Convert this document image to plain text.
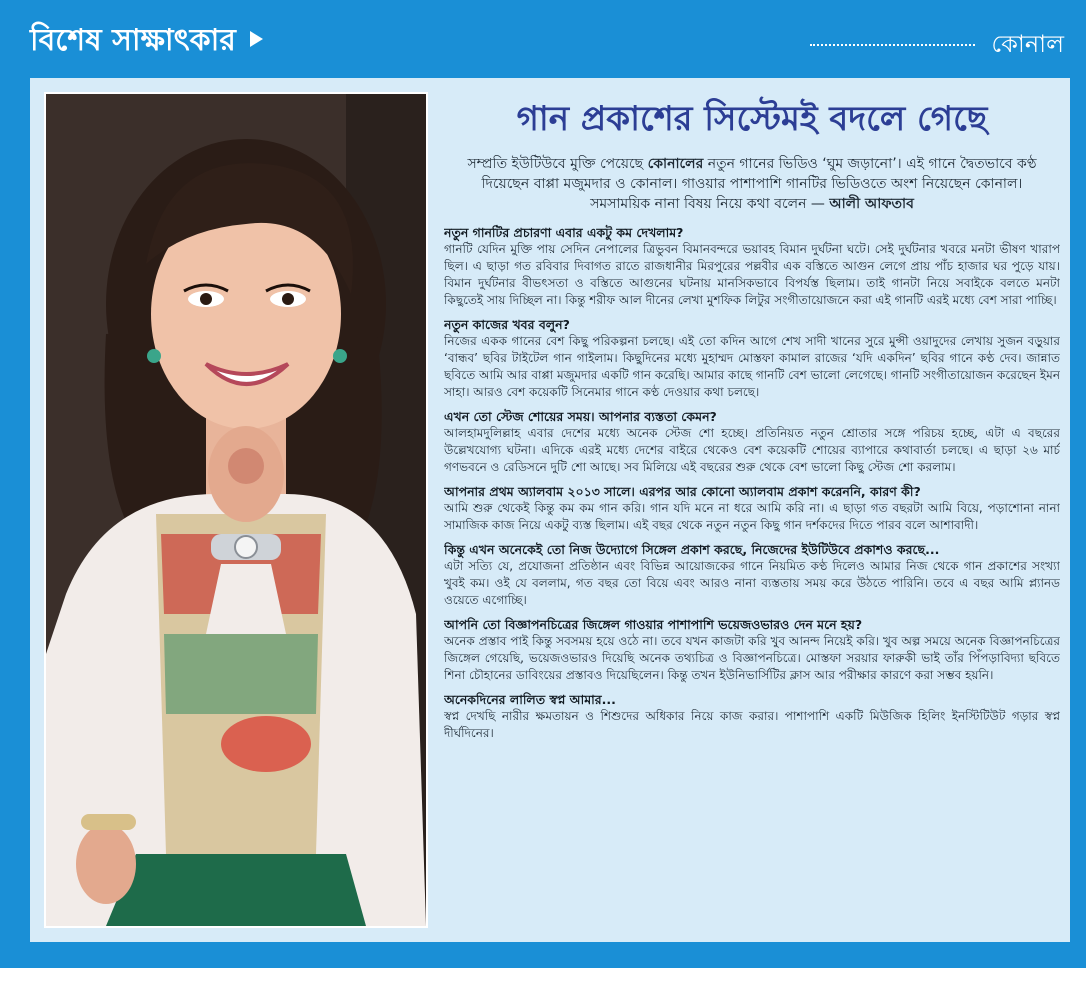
বিশেষ সাক্ষাৎকার	কোনাল
গান প্রকাশের সিস্টেমই বদলে গেছে
সম্প্রতি ইউটিউবে মুক্তি পেয়েছে কোনালের নতুন গানের ভিডিও ‘ঘুম জড়ানো’। এই গানে দ্বৈতভাবে কণ্ঠ দিয়েছেন বাপ্পা মজুমদার ও কোনাল। গাওয়ার পাশাপাশি গানটির ভিডিওতে অংশ নিয়েছেন কোনাল। সমসাময়িক নানা বিষয় নিয়ে কথা বলেন — আলী আফতাব
নতুন গানটির প্রচারণা এবার একটু কম দেখলাম?
গানটি যেদিন মুক্তি পায় সেদিন নেপালের ত্রিভুবন বিমানবন্দরে ভয়াবহ বিমান দুর্ঘটনা ঘটে। সেই দুর্ঘটনার খবরে মনটা ভীষণ খারাপ ছিল। এ ছাড়া গত রবিবার দিবাগত রাতে রাজধানীর মিরপুরের পল্লবীর এক বস্তিতে আগুন লেগে প্রায় পাঁচ হাজার ঘর পুড়ে যায়। বিমান দুর্ঘটনার বীভৎসতা ও বস্তিতে আগুনের ঘটনায় মানসিকভাবে বিপর্যস্ত ছিলাম। তাই গানটা নিয়ে সবাইকে বলতে মনটা কিছুতেই সায় দিচ্ছিল না। কিন্তু শরীফ আল দীনের লেখা মুশফিক লিটুর সংগীতায়োজনে করা এই গানটি এরই মধ্যে বেশ সারা পাচ্ছি।
নতুন কাজের খবর বলুন?
নিজের একক গানের বেশ কিছু পরিকল্পনা চলছে। এই তো কদিন আগে শেখ সাদী খানের সুরে মুন্সী ওয়াদুদের লেখায় সুজন বড়ুয়ার ‘বান্ধব’ ছবির টাইটেল গান গাইলাম। কিছুদিনের মধ্যে মুহাম্মদ মোস্তফা কামাল রাজের ‘যদি একদিন’ ছবির গানে কণ্ঠ দেব। জান্নাত ছবিতে আমি আর বাপ্পা মজুমদার একটি গান করেছি। আমার কাছে গানটি বেশ ভালো লেগেছে। গানটি সংগীতায়োজন করেছেন ইমন সাহা। আরও বেশ কয়েকটি সিনেমার গানে কণ্ঠ দেওয়ার কথা চলছে।
এখন তো স্টেজ শোয়ের সময়। আপনার ব্যস্ততা কেমন?
আলহামদুলিল্লাহ এবার দেশের মধ্যে অনেক স্টেজ শো হচ্ছে। প্রতিনিয়ত নতুন শ্রোতার সঙ্গে পরিচয় হচ্ছে, এটা এ বছরের উল্লেখযোগ্য ঘটনা। এদিকে এরই মধ্যে দেশের বাইরে থেকেও বেশ কয়েকটি শোয়ের ব্যাপারে কথাবার্তা চলছে। এ ছাড়া ২৬ মার্চ গণভবনে ও রেডিসনে দুটি শো আছে। সব মিলিয়ে এই বছরের শুরু থেকে বেশ ভালো কিছু স্টেজ শো করলাম।
আপনার প্রথম অ্যালবাম ২০১৩ সালে। এরপর আর কোনো অ্যালবাম প্রকাশ করেননি, কারণ কী?
আমি শুরু থেকেই কিন্তু কম কম গান করি। গান যদি মনে না ধরে আমি করি না। এ ছাড়া গত বছরটা আমি বিয়ে, পড়াশোনা নানা সামাজিক কাজ নিয়ে একটু ব্যস্ত ছিলাম। এই বছর থেকে নতুন নতুন কিছু গান দর্শকদের দিতে পারব বলে আশাবাদী।
কিন্তু এখন অনেকেই তো নিজ উদ্যোগে সিঙ্গেল প্রকাশ করছে, নিজেদের ইউটিউবে প্রকাশও করছে...
এটা সত্যি যে, প্রযোজনা প্রতিষ্ঠান এবং বিভিন্ন আয়োজকের গানে নিয়মিত কণ্ঠ দিলেও আমার নিজ থেকে গান প্রকাশের সংখ্যা খুবই কম। ওই যে বললাম, গত বছর তো বিয়ে এবং আরও নানা ব্যস্ততায় সময় করে উঠতে পারিনি। তবে এ বছর আমি প্ল্যানড ওয়েতে এগোচ্ছি।
আপনি তো বিজ্ঞাপনচিত্রের জিঙ্গেল গাওয়ার পাশাপাশি ভয়েজওভারও দেন মনে হয়?
অনেক প্রস্তাব পাই কিন্তু সবসময় হয়ে ওঠে না। তবে যখন কাজটা করি খুব আনন্দ নিয়েই করি। খুব অল্প সময়ে অনেক বিজ্ঞাপনচিত্রের জিঙ্গেল গেয়েছি, ভয়েজওভারও দিয়েছি অনেক তথ্যচিত্র ও বিজ্ঞাপনচিত্রে। মোস্তফা সরয়ার ফারুকী ভাই তাঁর পিঁপড়াবিদ্যা ছবিতে শিনা চৌহানের ডাবিংয়ের প্রস্তাবও দিয়েছিলেন। কিন্তু তখন ইউনিভার্সিটির ক্লাস আর পরীক্ষার কারণে করা সম্ভব হয়নি।
অনেকদিনের লালিত স্বপ্ন আমার...
স্বপ্ন দেখছি নারীর ক্ষমতায়ন ও শিশুদের অধিকার নিয়ে কাজ করার। পাশাপাশি একটি মিউজিক হিলিং ইনস্টিটিউট গড়ার স্বপ্ন দীর্ঘদিনের।
